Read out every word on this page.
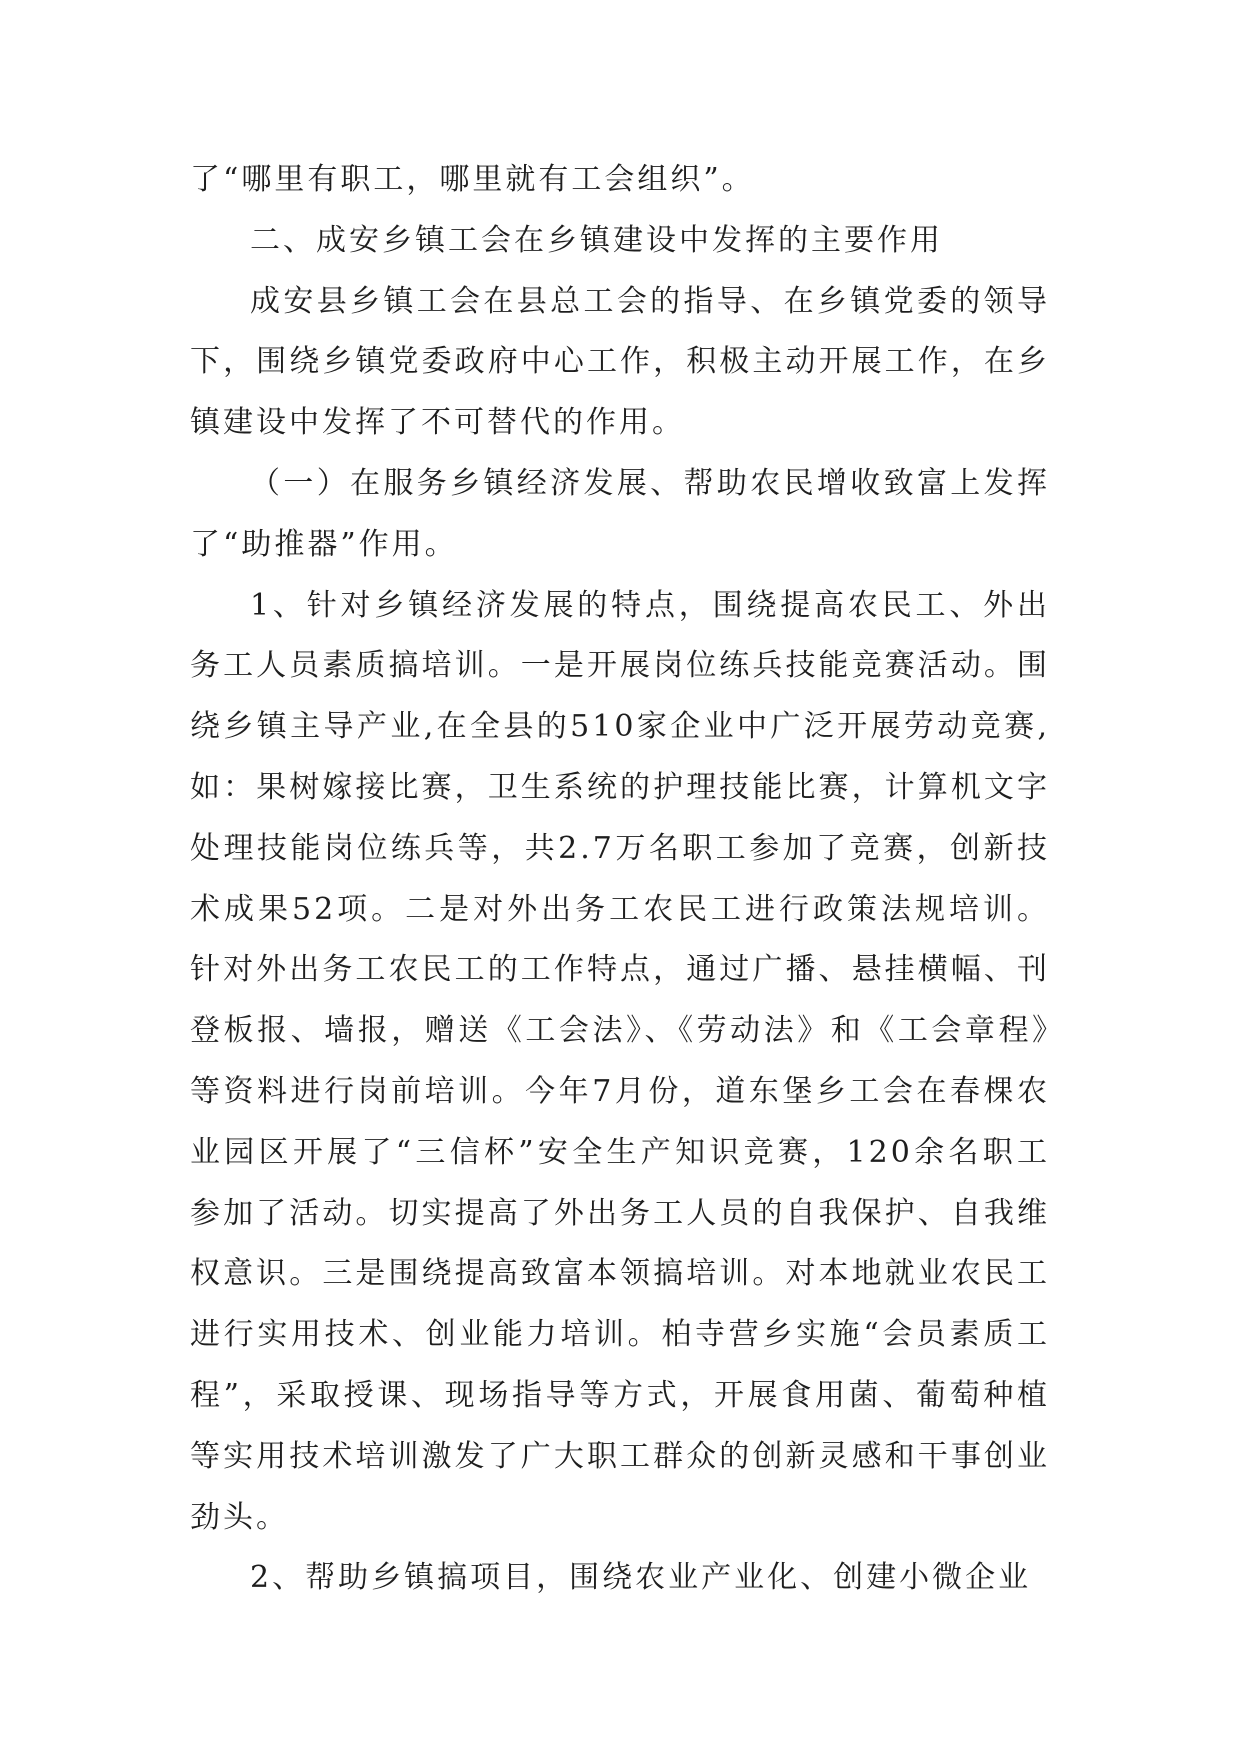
了“哪里有职工，哪里就有工会组织”。

二、成安乡镇工会在乡镇建设中发挥的主要作用

成安县乡镇工会在县总工会的指导、在乡镇党委的领导下，围绕乡镇党委政府中心工作，积极主动开展工作，在乡镇建设中发挥了不可替代的作用。

（一）在服务乡镇经济发展、帮助农民增收致富上发挥了“助推器”作用。

1、针对乡镇经济发展的特点，围绕提高农民工、外出务工人员素质搞培训。一是开展岗位练兵技能竞赛活动。围绕乡镇主导产业,在全县的510家企业中广泛开展劳动竞赛,如：果树嫁接比赛，卫生系统的护理技能比赛，计算机文字处理技能岗位练兵等，共2.7万名职工参加了竞赛，创新技术成果52项。二是对外出务工农民工进行政策法规培训。针对外出务工农民工的工作特点，通过广播、悬挂横幅、刊登板报、墙报，赠送《工会法》、《劳动法》和《工会章程》等资料进行岗前培训。今年7月份，道东堡乡工会在春棵农业园区开展了“三信杯”安全生产知识竞赛，120余名职工参加了活动。切实提高了外出务工人员的自我保护、自我维权意识。三是围绕提高致富本领搞培训。对本地就业农民工进行实用技术、创业能力培训。柏寺营乡实施“会员素质工程”，采取授课、现场指导等方式，开展食用菌、葡萄种植等实用技术培训激发了广大职工群众的创新灵感和干事创业劲头。

2、帮助乡镇搞项目，围绕农业产业化、创建小微企业
